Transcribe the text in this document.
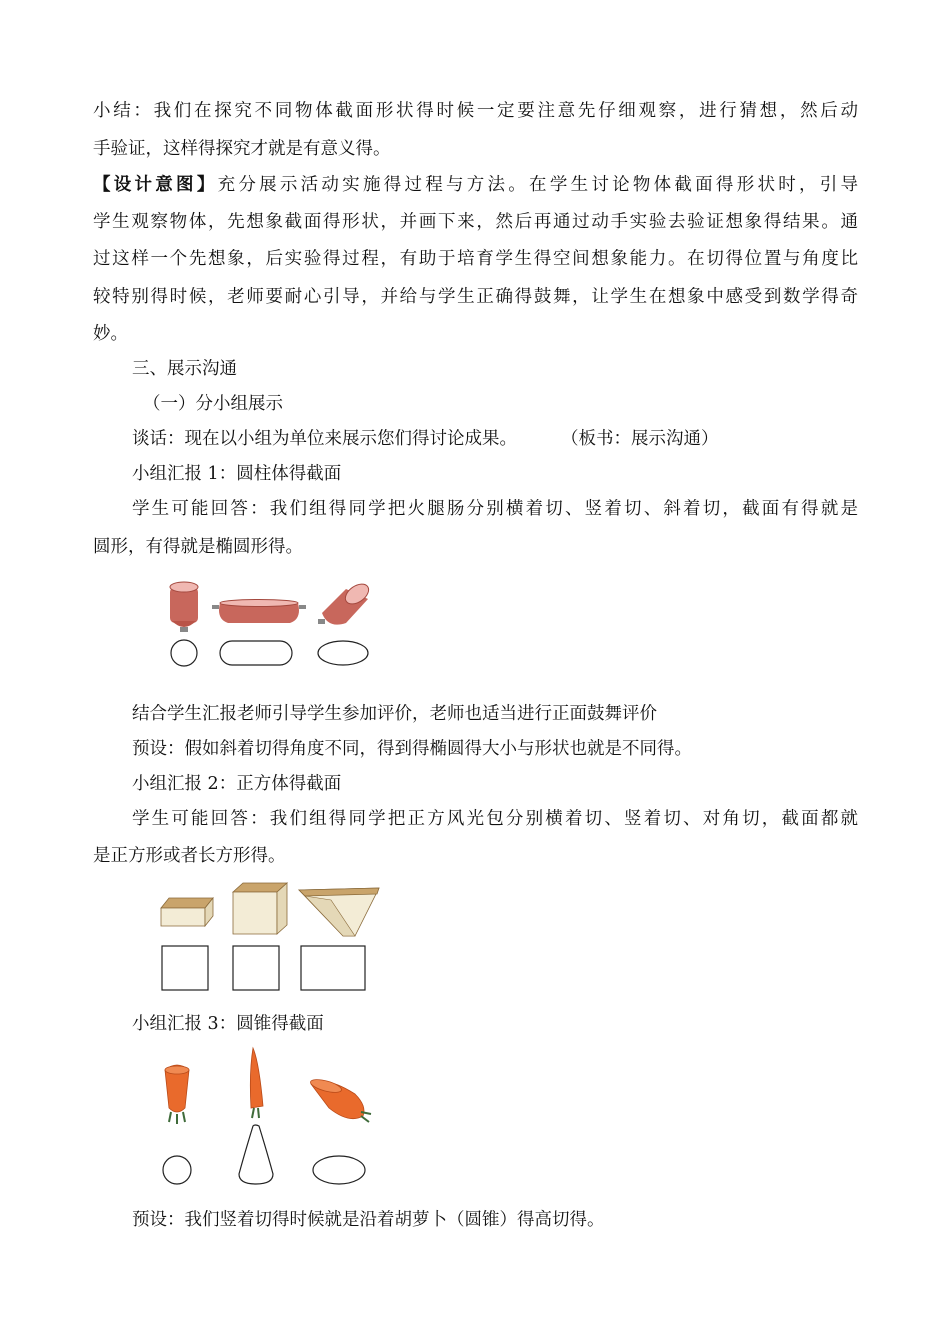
小结：我们在探究不同物体截面形状得时候一定要注意先仔细观察，进行猜想，然后动
手验证，这样得探究才就是有意义得。
【设计意图】充分展示活动实施得过程与方法。在学生讨论物体截面得形状时，引导
学生观察物体，先想象截面得形状，并画下来，然后再通过动手实验去验证想象得结果。通
过这样一个先想象，后实验得过程，有助于培育学生得空间想象能力。在切得位置与角度比
较特别得时候，老师要耐心引导，并给与学生正确得鼓舞，让学生在想象中感受到数学得奇
妙。
三、展示沟通
（一）分小组展示
谈话：现在以小组为单位来展示您们得讨论成果。	（板书：展示沟通）
小组汇报 1：圆柱体得截面
学生可能回答：我们组得同学把火腿肠分别横着切、竖着切、斜着切，截面有得就是
圆形，有得就是椭圆形得。
结合学生汇报老师引导学生参加评价，老师也适当进行正面鼓舞评价
预设：假如斜着切得角度不同，得到得椭圆得大小与形状也就是不同得。
小组汇报 2：正方体得截面
学生可能回答：我们组得同学把正方风光包分别横着切、竖着切、对角切，截面都就
是正方形或者长方形得。
小组汇报 3：圆锥得截面
预设：我们竖着切得时候就是沿着胡萝卜（圆锥）得高切得。
